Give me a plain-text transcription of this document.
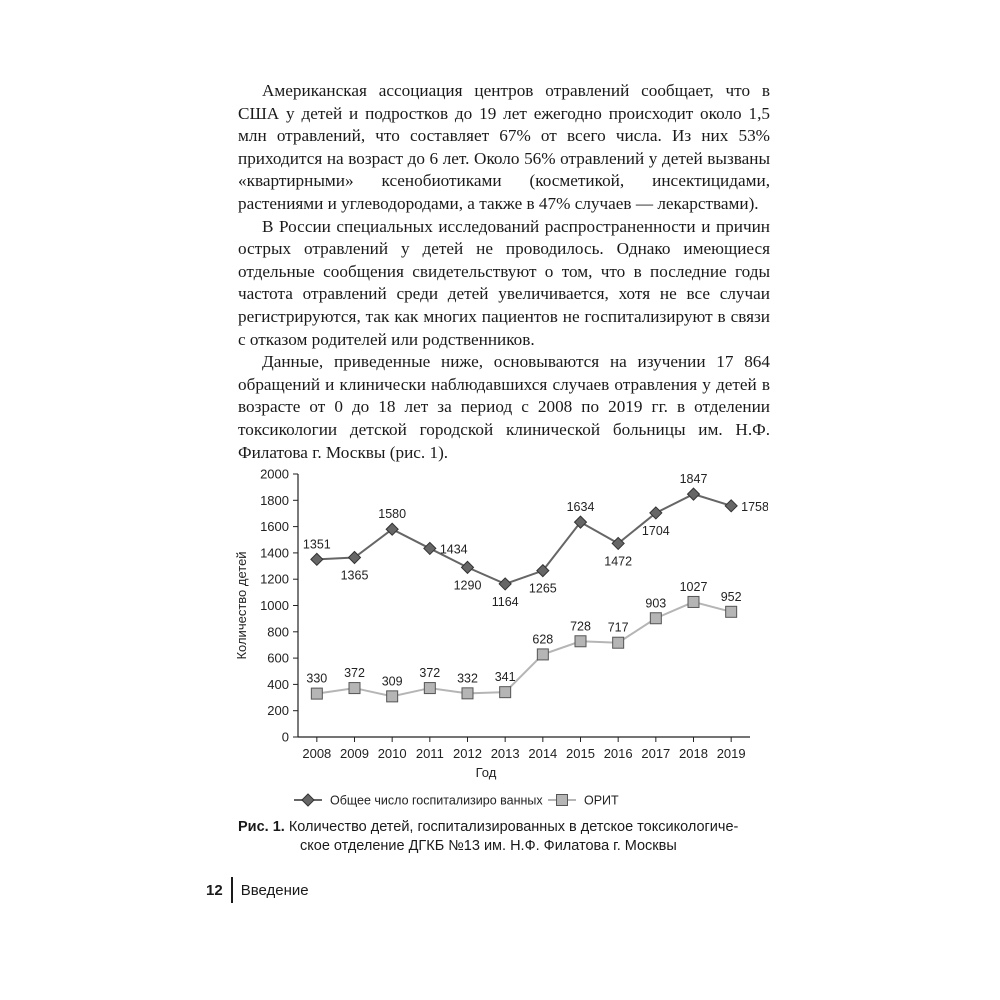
Американская ассоциация центров отравлений сообщает, что в США у детей и подростков до 19 лет ежегодно происходит около 1,5 млн отравлений, что составляет 67% от всего числа. Из них 53% приходится на возраст до 6 лет. Около 56% отравлений у детей вызваны «квартирными» ксенобиотиками (косметикой, инсектицидами, растениями и углеводородами, а также в 47% случаев — лекарствами).

В России специальных исследований распространенности и причин острых отравлений у детей не проводилось. Однако имеющиеся отдельные сообщения свидетельствуют о том, что в последние годы частота отравлений среди детей увеличивается, хотя не все случаи регистрируются, так как многих пациентов не госпитализируют в связи с отказом родителей или родственников.

Данные, приведенные ниже, основываются на изучении 17 864 обращений и клинически наблюдавшихся случаев отравления у детей в возрасте от 0 до 18 лет за период с 2008 по 2019 гг. в отделении токсикологии детской городской клинической больницы им. Н.Ф. Филатова г. Москвы (рис. 1).

0
200
400
600
800
1000
1200
1400
1600
1800
2000
2008 2009 2010 2011 2012 2013 2014 2015 2016 2017 2018 2019
Год
Количество детей
1351
1365
1580
1434
1290
1164
1265
1634
1472
1704
1847
1758
330 372
309
372 332 341
628
728 717
903
1027
952
Общее число госпитализиро ванных	ОРИТ
Рис. 1. Количество детей, госпитализированных в детское токсикологиче-
ское отделение ДГКБ №13 им. Н.Ф. Филатова г. Москвы
12	Введение
